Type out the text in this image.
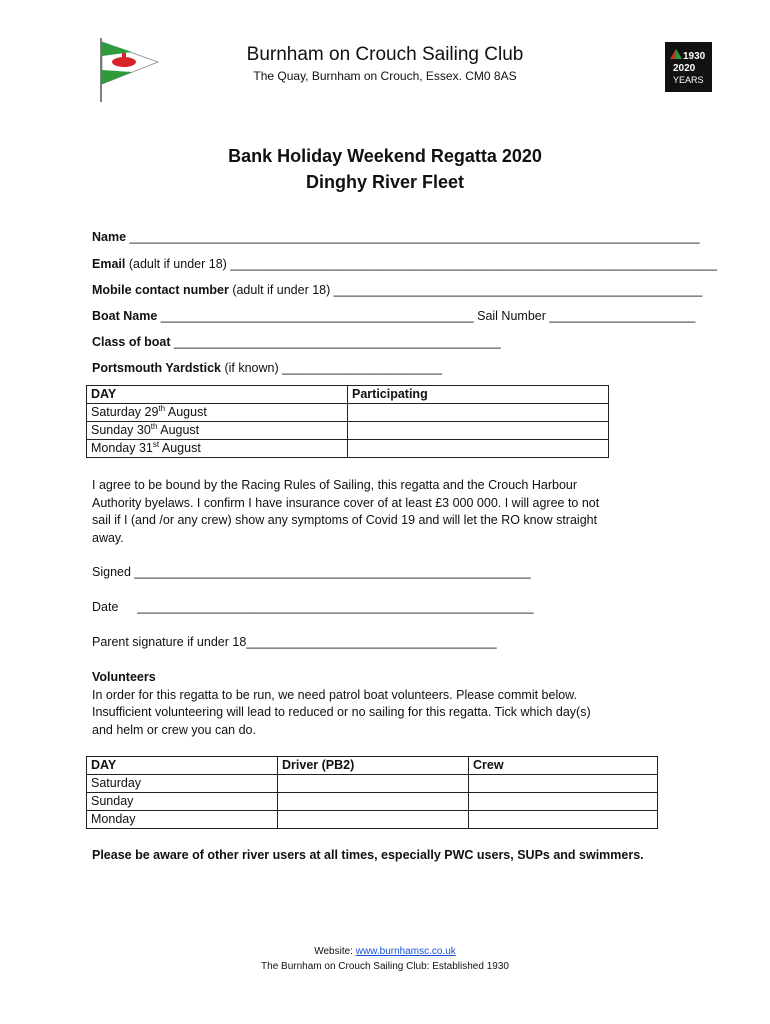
Burnham on Crouch Sailing Club
The Quay, Burnham on Crouch, Essex. CM0 8AS
1930
2020
YEARS
Bank Holiday Weekend Regatta 2020
Dinghy River Fleet
Name __________________________________________________________________________________
Email (adult if under 18) ______________________________________________________________________
Mobile contact number (adult if under 18) _____________________________________________________
Boat Name _____________________________________________ Sail Number _____________________
Class of boat _______________________________________________
Portsmouth Yardstick (if known) _______________________
DAY	Participating
Saturday 29th August	
Sunday 30th August	
Monday 31st August	
I agree to be bound by the Racing Rules of Sailing, this regatta and the Crouch Harbour
Authority byelaws. I confirm I have insurance cover of at least £3 000 000. I will agree to not
sail if I (and /or any crew) show any symptoms of Covid 19 and will let the RO know straight
away.
Signed _________________________________________________________
Date _________________________________________________________
Parent signature if under 18____________________________________
Volunteers
In order for this regatta to be run, we need patrol boat volunteers. Please commit below.
Insufficient volunteering will lead to reduced or no sailing for this regatta. Tick which day(s)
and helm or crew you can do.
DAY	Driver (PB2)	Crew
Saturday		
Sunday		
Monday		
Please be aware of other river users at all times, especially PWC users, SUPs and swimmers.
Website: www.burnhamsc.co.uk
The Burnham on Crouch Sailing Club: Established 1930
